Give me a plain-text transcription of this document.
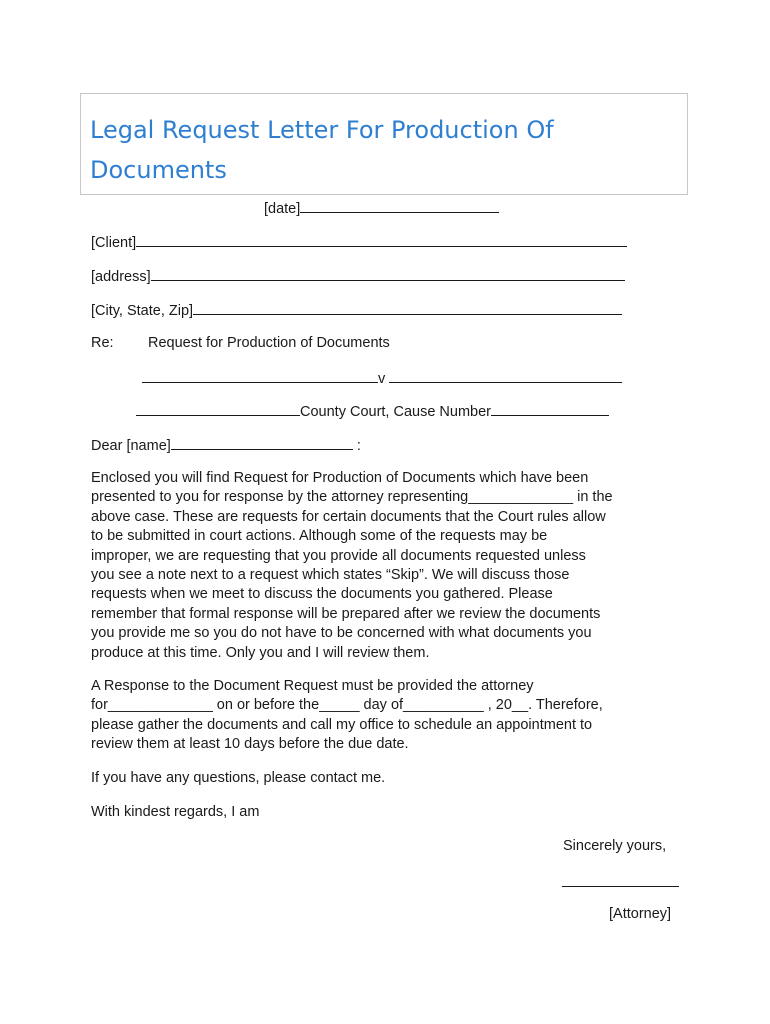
Legal Request Letter For Production Of Documents
[date]
[Client]
[address]
[City, State, Zip]
Re: Request for Production of Documents
v
County Court, Cause Number
Dear [name]	:
Enclosed you will find Request for Production of Documents which have been
presented to you for response by the attorney representing_____________ in the
above case. These are requests for certain documents that the Court rules allow
to be submitted in court actions. Although some of the requests may be
improper, we are requesting that you provide all documents requested unless
you see a note next to a request which states “Skip”. We will discuss those
requests when we meet to discuss the documents you gathered. Please
remember that formal response will be prepared after we review the documents
you provide me so you do not have to be concerned with what documents you
produce at this time. Only you and I will review them.
A Response to the Document Request must be provided the attorney
for_____________ on or before the_____ day of__________ , 20__. Therefore,
please gather the documents and call my office to schedule an appointment to
review them at least 10 days before the due date.
If you have any questions, please contact me.
With kindest regards, I am
Sincerely yours,
[Attorney]
